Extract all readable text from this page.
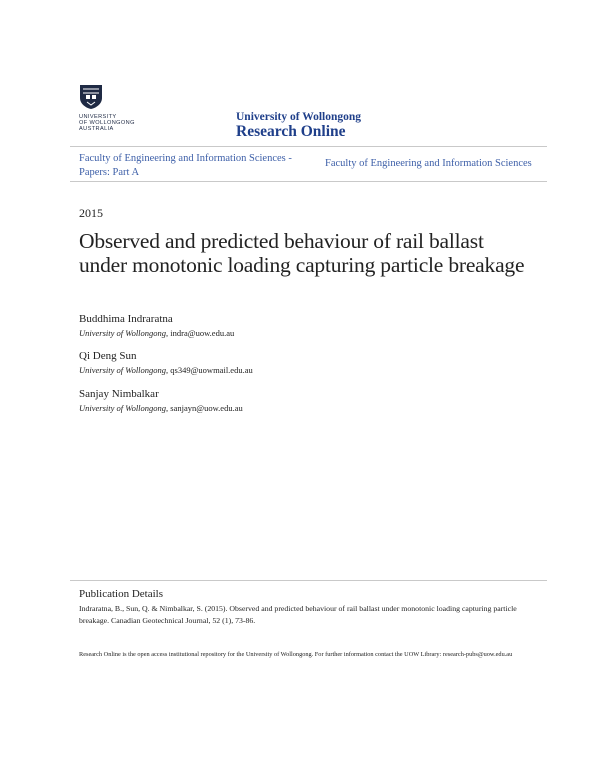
UNIVERSITY
OF WOLLONGONG
AUSTRALIA
University of Wollongong
Research Online
Faculty of Engineering and Information Sciences - Papers: Part A
Faculty of Engineering and Information Sciences
2015
Observed and predicted behaviour of rail ballast under monotonic loading capturing particle breakage
Buddhima Indraratna
University of Wollongong, indra@uow.edu.au
Qi Deng Sun
University of Wollongong, qs349@uowmail.edu.au
Sanjay Nimbalkar
University of Wollongong, sanjayn@uow.edu.au
Publication Details
Indraratna, B., Sun, Q. & Nimbalkar, S. (2015). Observed and predicted behaviour of rail ballast under monotonic loading capturing particle breakage. Canadian Geotechnical Journal, 52 (1), 73-86.
Research Online is the open access institutional repository for the University of Wollongong. For further information contact the UOW Library: research-pubs@uow.edu.au
